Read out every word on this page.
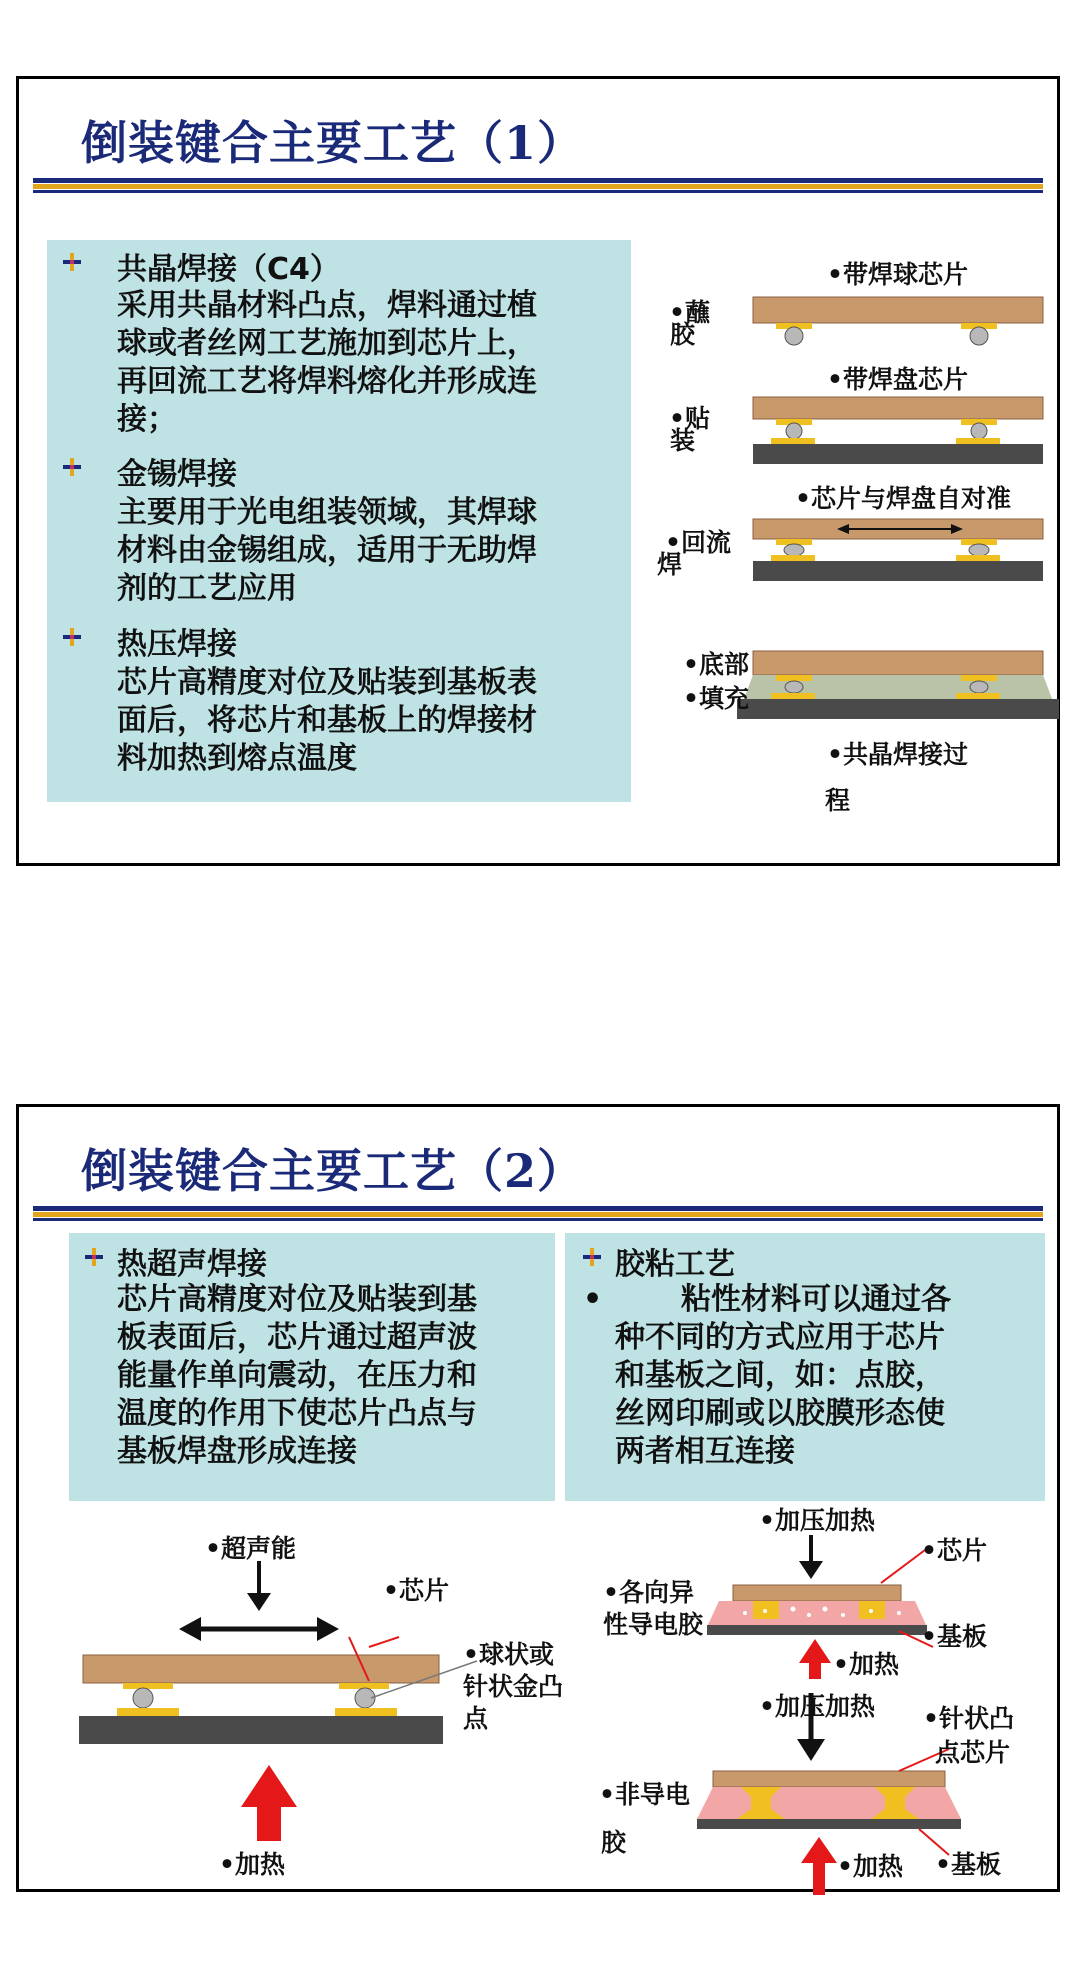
倒装键合主要工艺（1）
共晶焊接（C4）
采用共晶材料凸点，焊料通过植
球或者丝网工艺施加到芯片上，
再回流工艺将焊料熔化并形成连
接；
金锡焊接
主要用于光电组装领域，其焊球
材料由金锡组成，适用于无助焊
剂的工艺应用
热压焊接
芯片高精度对位及贴装到基板表
面后，将芯片和基板上的焊接材
料加热到熔点温度
•带焊球芯片
•蘸
胶
•带焊盘芯片
•贴
装
•芯片与焊盘自对准
•回流
焊
•底部
•填充
•共晶焊接过
程
倒装键合主要工艺（2）
热超声焊接
芯片高精度对位及贴装到基
板表面后，芯片通过超声波
能量作单向震动，在压力和
温度的作用下使芯片凸点与
基板焊盘形成连接
胶粘工艺
•	粘性材料可以通过各
种不同的方式应用于芯片
和基板之间，如：点胶，
丝网印刷或以胶膜形态使
两者相互连接
•超声能
•芯片
•球状或
针状金凸
点
•加热
•加压加热
•芯片
•各向异
性导电胶	•基板
•加热
•加压加热 •针状凸
点芯片
•非导电
胶
•加热 •基板
